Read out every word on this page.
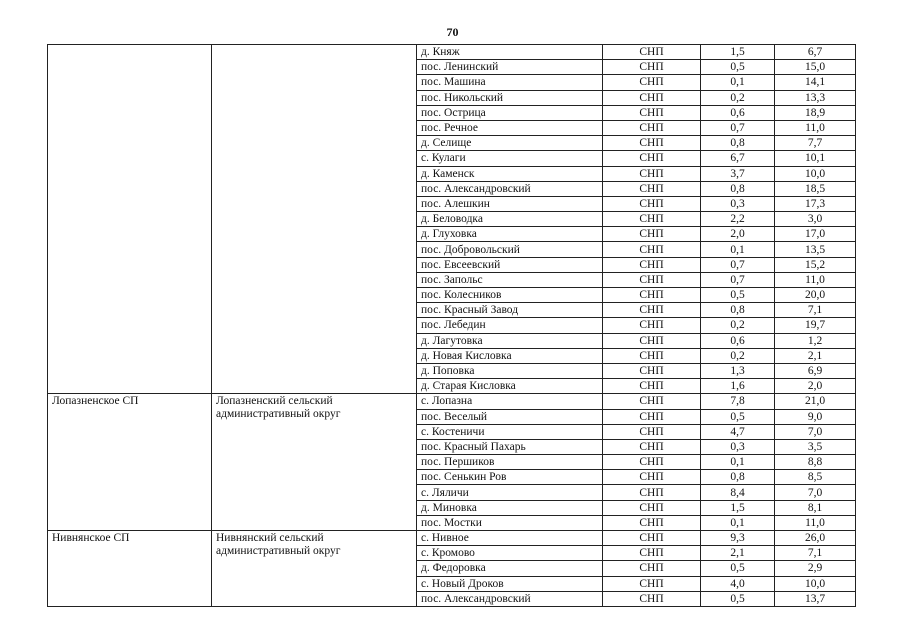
70
		д. Княж	СНП	1,5	6,7
		пос. Ленинский	СНП	0,5	15,0
		пос. Машина	СНП	0,1	14,1
		пос. Никольский	СНП	0,2	13,3
		пос. Острица	СНП	0,6	18,9
		пос. Речное	СНП	0,7	11,0
		д. Селище	СНП	0,8	7,7
		с. Кулаги	СНП	6,7	10,1
		д. Каменск	СНП	3,7	10,0
		пос. Александровский	СНП	0,8	18,5
		пос. Алешкин	СНП	0,3	17,3
		д. Беловодка	СНП	2,2	3,0
		д. Глуховка	СНП	2,0	17,0
		пос. Добровольский	СНП	0,1	13,5
		пос. Евсеевский	СНП	0,7	15,2
		пос. Запольс	СНП	0,7	11,0
		пос. Колесников	СНП	0,5	20,0
		пос. Красный Завод	СНП	0,8	7,1
		пос. Лебедин	СНП	0,2	19,7
		д. Лагутовка	СНП	0,6	1,2
		д. Новая Кисловка	СНП	0,2	2,1
		д. Поповка	СНП	1,3	6,9
		д. Старая Кисловка	СНП	1,6	2,0
Лопазненское СП	Лопазненский сельский административный округ	с. Лопазна	СНП	7,8	21,0
		пос. Веселый	СНП	0,5	9,0
		с. Костеничи	СНП	4,7	7,0
		пос. Красный Пахарь	СНП	0,3	3,5
		пос. Першиков	СНП	0,1	8,8
		пос. Сенькин Ров	СНП	0,8	8,5
		с. Ляличи	СНП	8,4	7,0
		д. Миновка	СНП	1,5	8,1
		пос. Мостки	СНП	0,1	11,0
Нивнянское СП	Нивнянский сельский административный округ	с. Нивное	СНП	9,3	26,0
		с. Кромово	СНП	2,1	7,1
		д. Федоровка	СНП	0,5	2,9
		с. Новый Дроков	СНП	4,0	10,0
		пос. Александровский	СНП	0,5	13,7
